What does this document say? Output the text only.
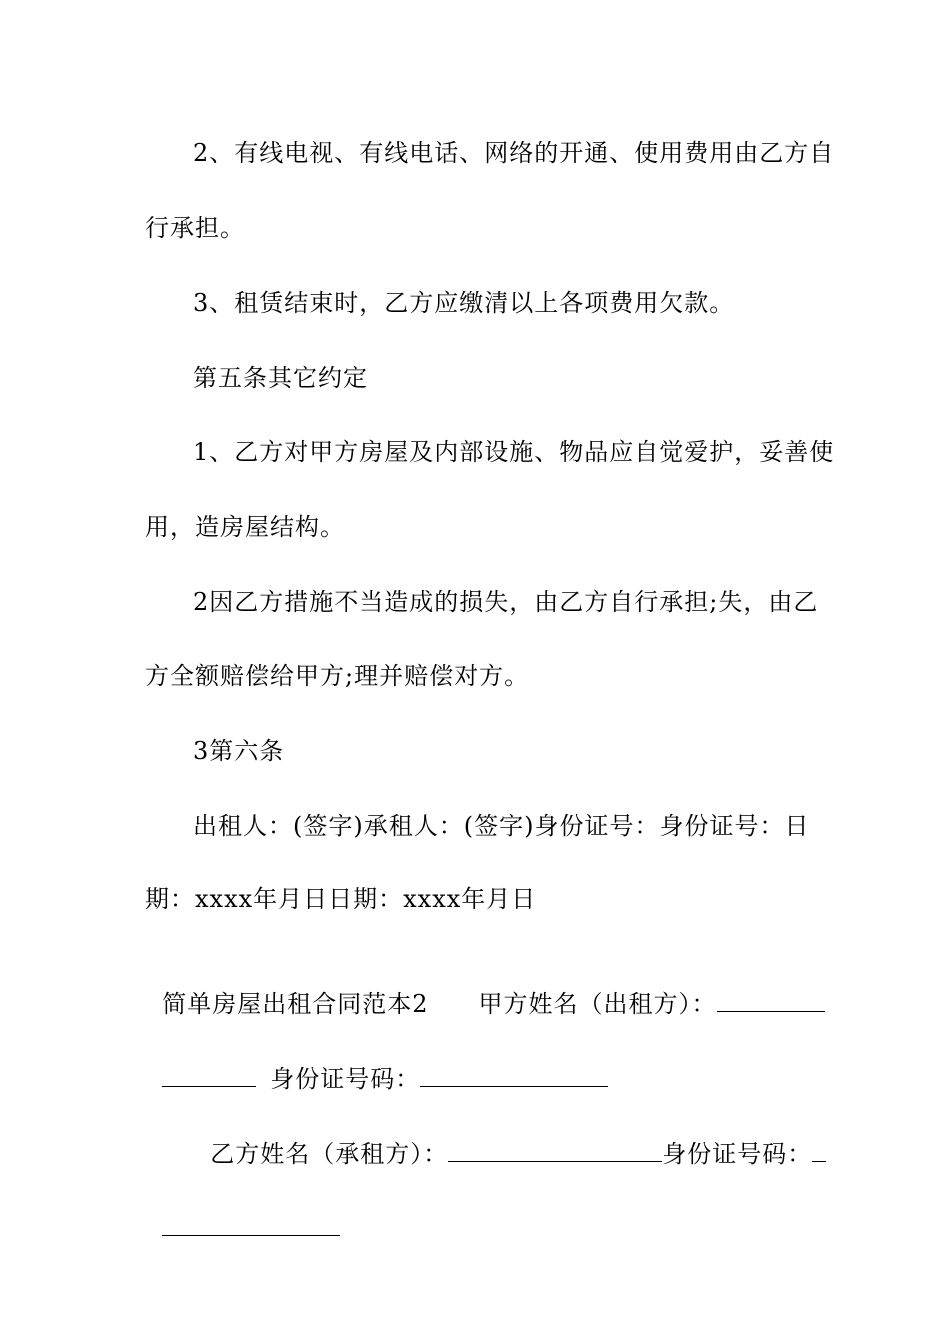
2、有线电视、有线电话、网络的开通、使用费用由乙方自
行承担。
3、租赁结束时，乙方应缴清以上各项费用欠款。
第五条其它约定
1、乙方对甲方房屋及内部设施、物品应自觉爱护，妥善使
用，造房屋结构。
2因乙方措施不当造成的损失，由乙方自行承担;失，由乙
方全额赔偿给甲方;理并赔偿对方。
3第六条
出租人：(签字)承租人：(签字)身份证号：身份证号：日
期：xxxx年月日日期：xxxx年月日

简单房屋出租合同范本2 甲方姓名（出租方）：

身份证号码：

乙方姓名（承租方）：	身份证号码：
